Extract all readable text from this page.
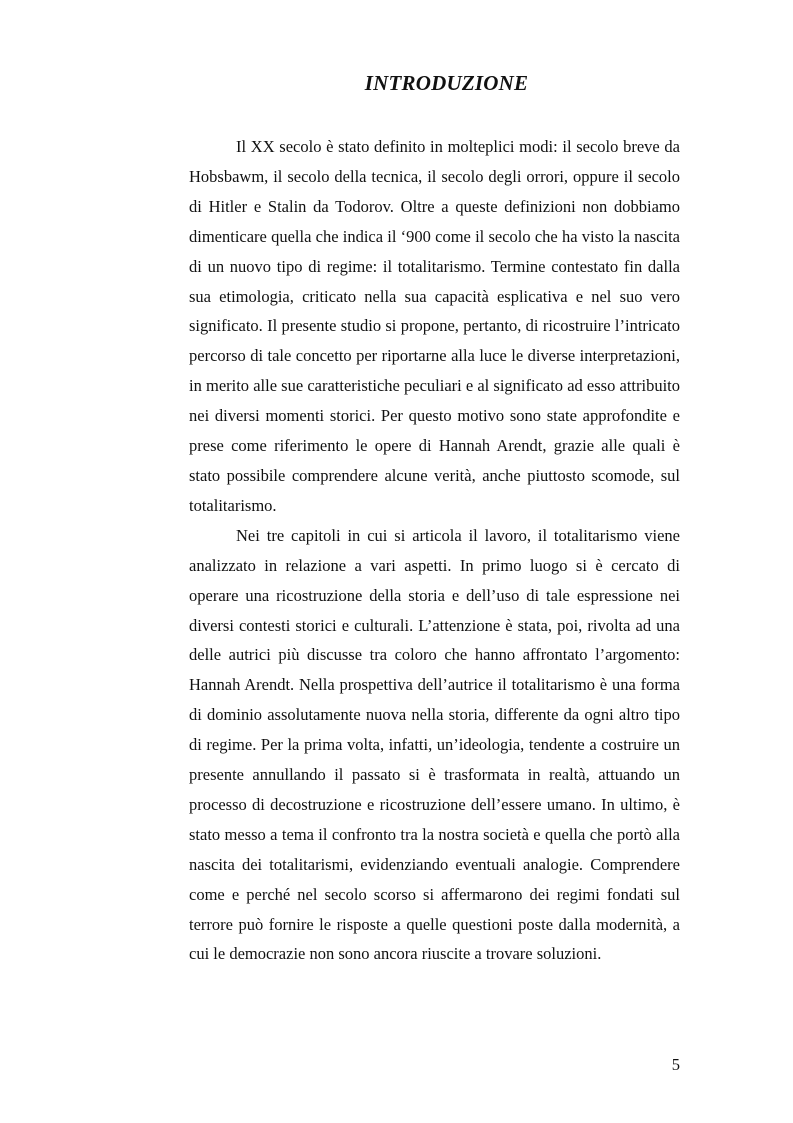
INTRODUZIONE

Il XX secolo è stato definito in molteplici modi: il secolo breve da Hobsbawm, il secolo della tecnica, il secolo degli orrori, oppure il secolo di Hitler e Stalin da Todorov. Oltre a queste definizioni non dobbiamo dimenticare quella che indica il ‘900 come il secolo che ha visto la nascita di un nuovo tipo di regime: il totalitarismo. Termine contestato fin dalla sua etimologia, criticato nella sua capacità esplicativa e nel suo vero significato. Il presente studio si propone, pertanto, di ricostruire l’intricato percorso di tale concetto per riportarne alla luce le diverse interpretazioni, in merito alle sue caratteristiche peculiari e al significato ad esso attribuito nei diversi momenti storici. Per questo motivo sono state approfondite e prese come riferimento le opere di Hannah Arendt, grazie alle quali è stato possibile comprendere alcune verità, anche piuttosto scomode, sul totalitarismo.

Nei tre capitoli in cui si articola il lavoro, il totalitarismo viene analizzato in relazione a vari aspetti. In primo luogo si è cercato di operare una ricostruzione della storia e dell’uso di tale espressione nei diversi contesti storici e culturali. L’attenzione è stata, poi, rivolta ad una delle autrici più discusse tra coloro che hanno affrontato l’argomento: Hannah Arendt. Nella prospettiva dell’autrice il totalitarismo è una forma di dominio assolutamente nuova nella storia, differente da ogni altro tipo di regime. Per la prima volta, infatti, un’ideologia, tendente a costruire un presente annullando il passato si è trasformata in realtà, attuando un processo di decostruzione e ricostruzione dell’essere umano. In ultimo, è stato messo a tema il confronto tra la nostra società e quella che portò alla nascita dei totalitarismi, evidenziando eventuali analogie. Comprendere come e perché nel secolo scorso si affermarono dei regimi fondati sul terrore può fornire le risposte a quelle questioni poste dalla modernità, a cui le democrazie non sono ancora riuscite a trovare soluzioni.

5
